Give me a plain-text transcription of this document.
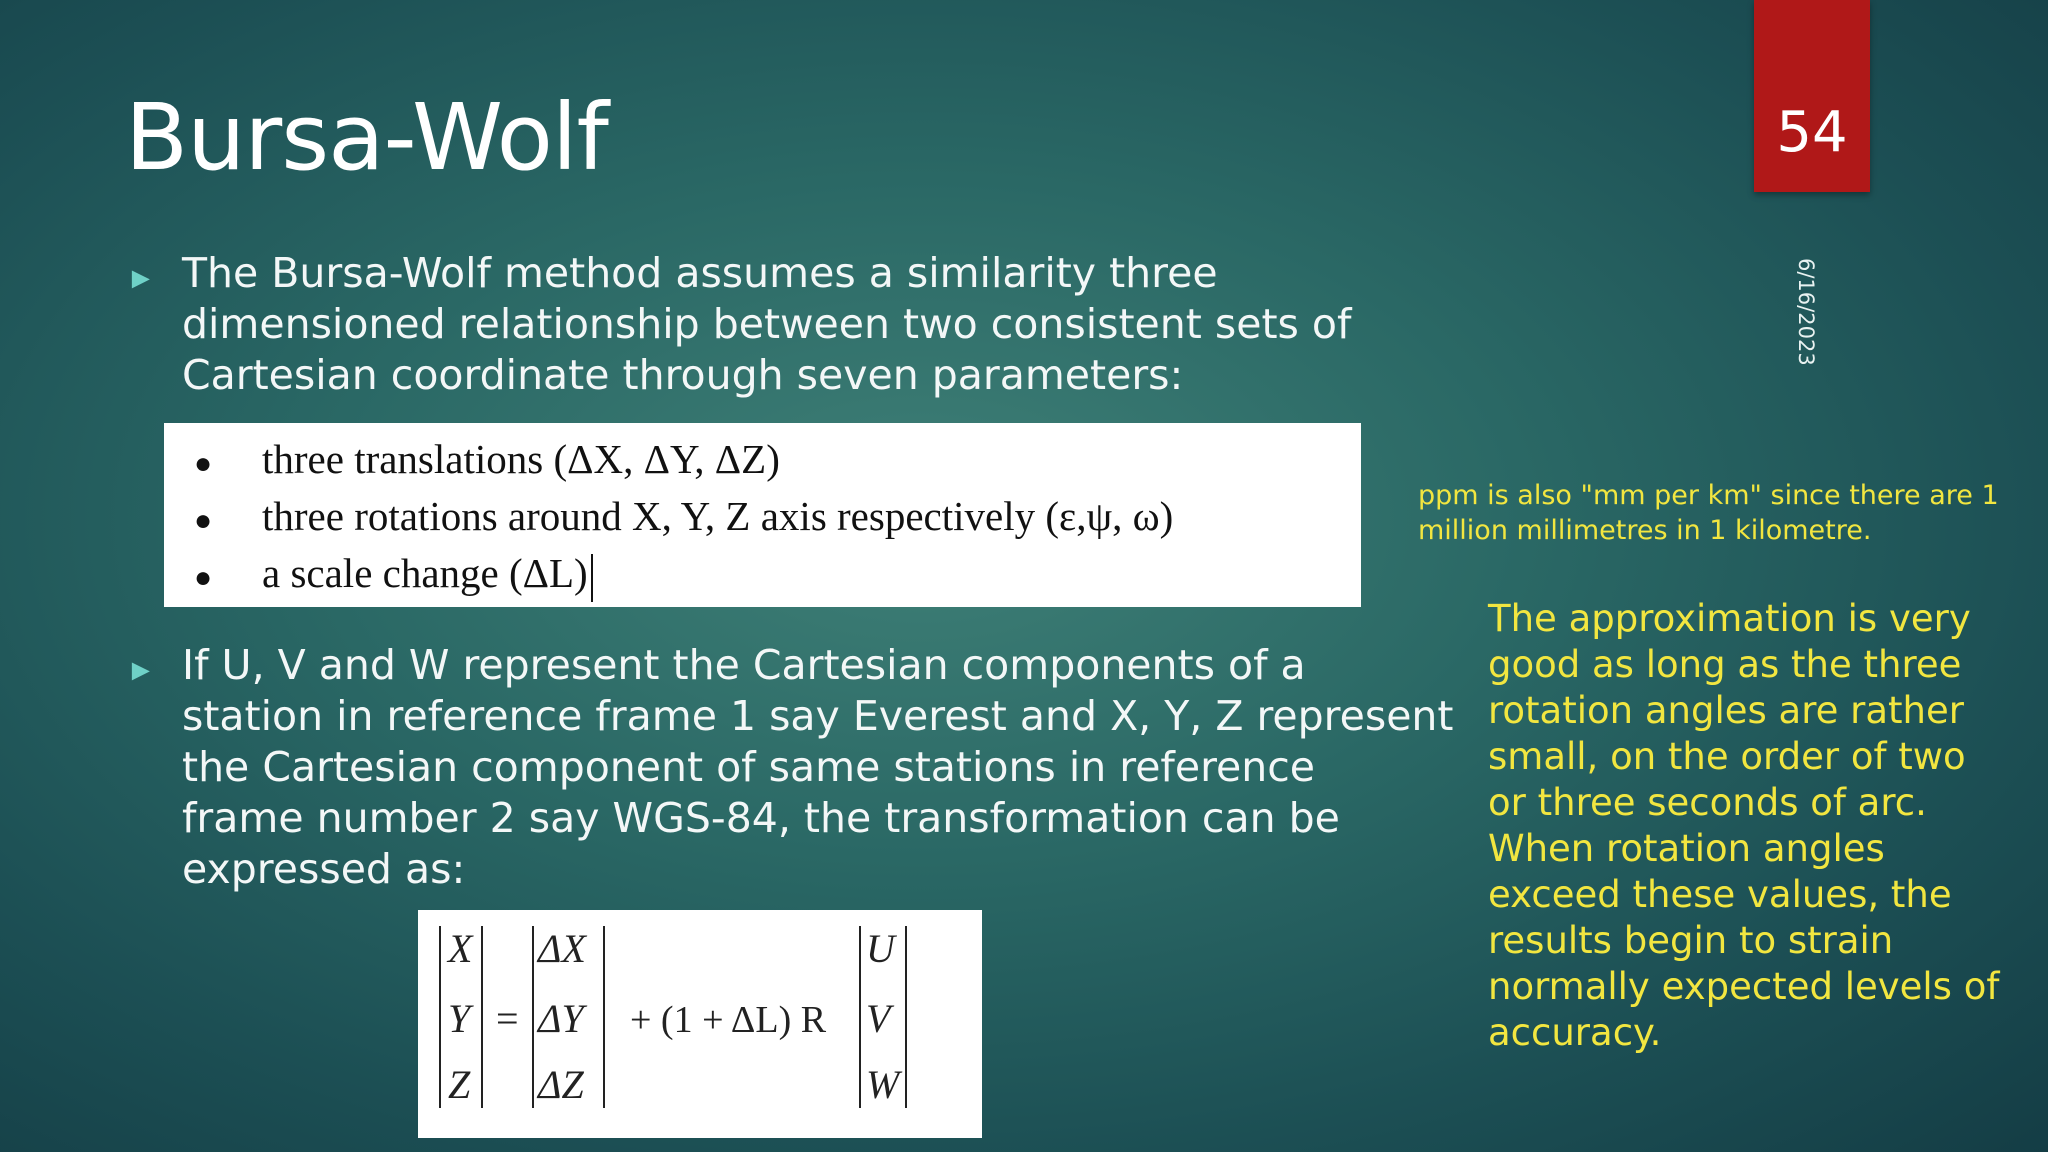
Bursa-Wolf	54
6/16/2023
► The Bursa-Wolf method assumes a similarity three
dimensioned relationship between two consistent sets of
Cartesian coordinate through seven parameters:
● three translations (ΔX, ΔY, ΔZ)
● three rotations around X, Y, Z axis respectively (ε,ψ, ω)
● a scale change (ΔL)
► If U, V and W represent the Cartesian components of a
station in reference frame 1 say Everest and X, Y, Z represent
the Cartesian component of same stations in reference
frame number 2 say WGS-84, the transformation can be
expressed as:
ppm is also "mm per km" since there are 1
million millimetres in 1 kilometre.
The approximation is very
good as long as the three
rotation angles are rather
small, on the order of two
or three seconds of arc.
When rotation angles
exceed these values, the
results begin to strain
normally expected levels of
accuracy.
X
Y
Z
=
ΔX
ΔY
ΔZ
+ (1 + ΔL) R
U
V
W
